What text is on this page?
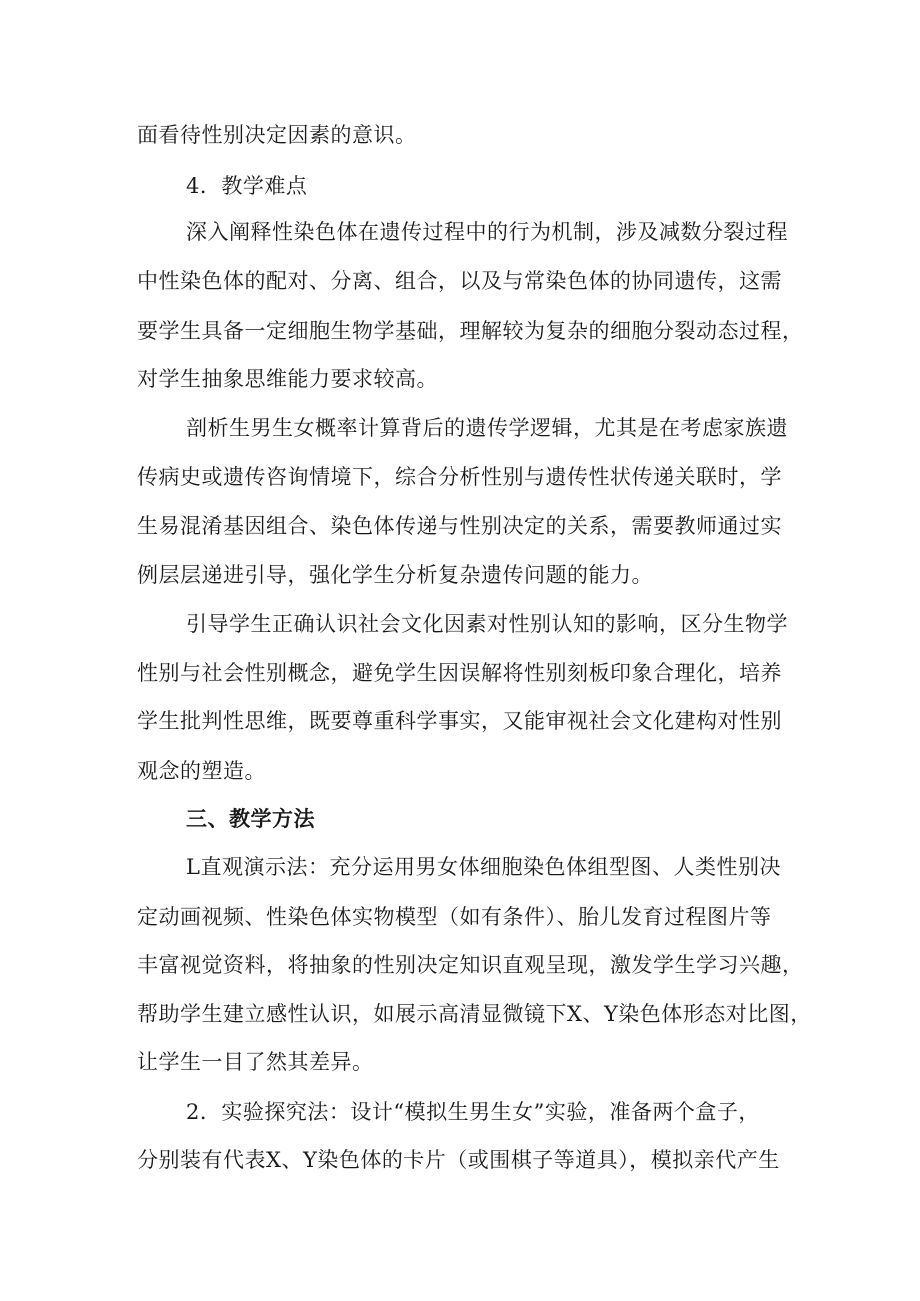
面看待性别决定因素的意识。
4．教学难点
深入阐释性染色体在遗传过程中的行为机制，涉及减数分裂过程
中性染色体的配对、分离、组合，以及与常染色体的协同遗传，这需
要学生具备一定细胞生物学基础，理解较为复杂的细胞分裂动态过程，
对学生抽象思维能力要求较高。
剖析生男生女概率计算背后的遗传学逻辑，尤其是在考虑家族遗
传病史或遗传咨询情境下，综合分析性别与遗传性状传递关联时，学
生易混淆基因组合、染色体传递与性别决定的关系，需要教师通过实
例层层递进引导，强化学生分析复杂遗传问题的能力。
引导学生正确认识社会文化因素对性别认知的影响，区分生物学
性别与社会性别概念，避免学生因误解将性别刻板印象合理化，培养
学生批判性思维，既要尊重科学事实，又能审视社会文化建构对性别
观念的塑造。
三、教学方法
L直观演示法：充分运用男女体细胞染色体组型图、人类性别决
定动画视频、性染色体实物模型（如有条件）、胎儿发育过程图片等
丰富视觉资料，将抽象的性别决定知识直观呈现，激发学生学习兴趣，
帮助学生建立感性认识，如展示高清显微镜下X、Y染色体形态对比图，
让学生一目了然其差异。
2．实验探究法：设计“模拟生男生女”实验，准备两个盒子，
分别装有代表X、Y染色体的卡片（或围棋子等道具），模拟亲代产生
